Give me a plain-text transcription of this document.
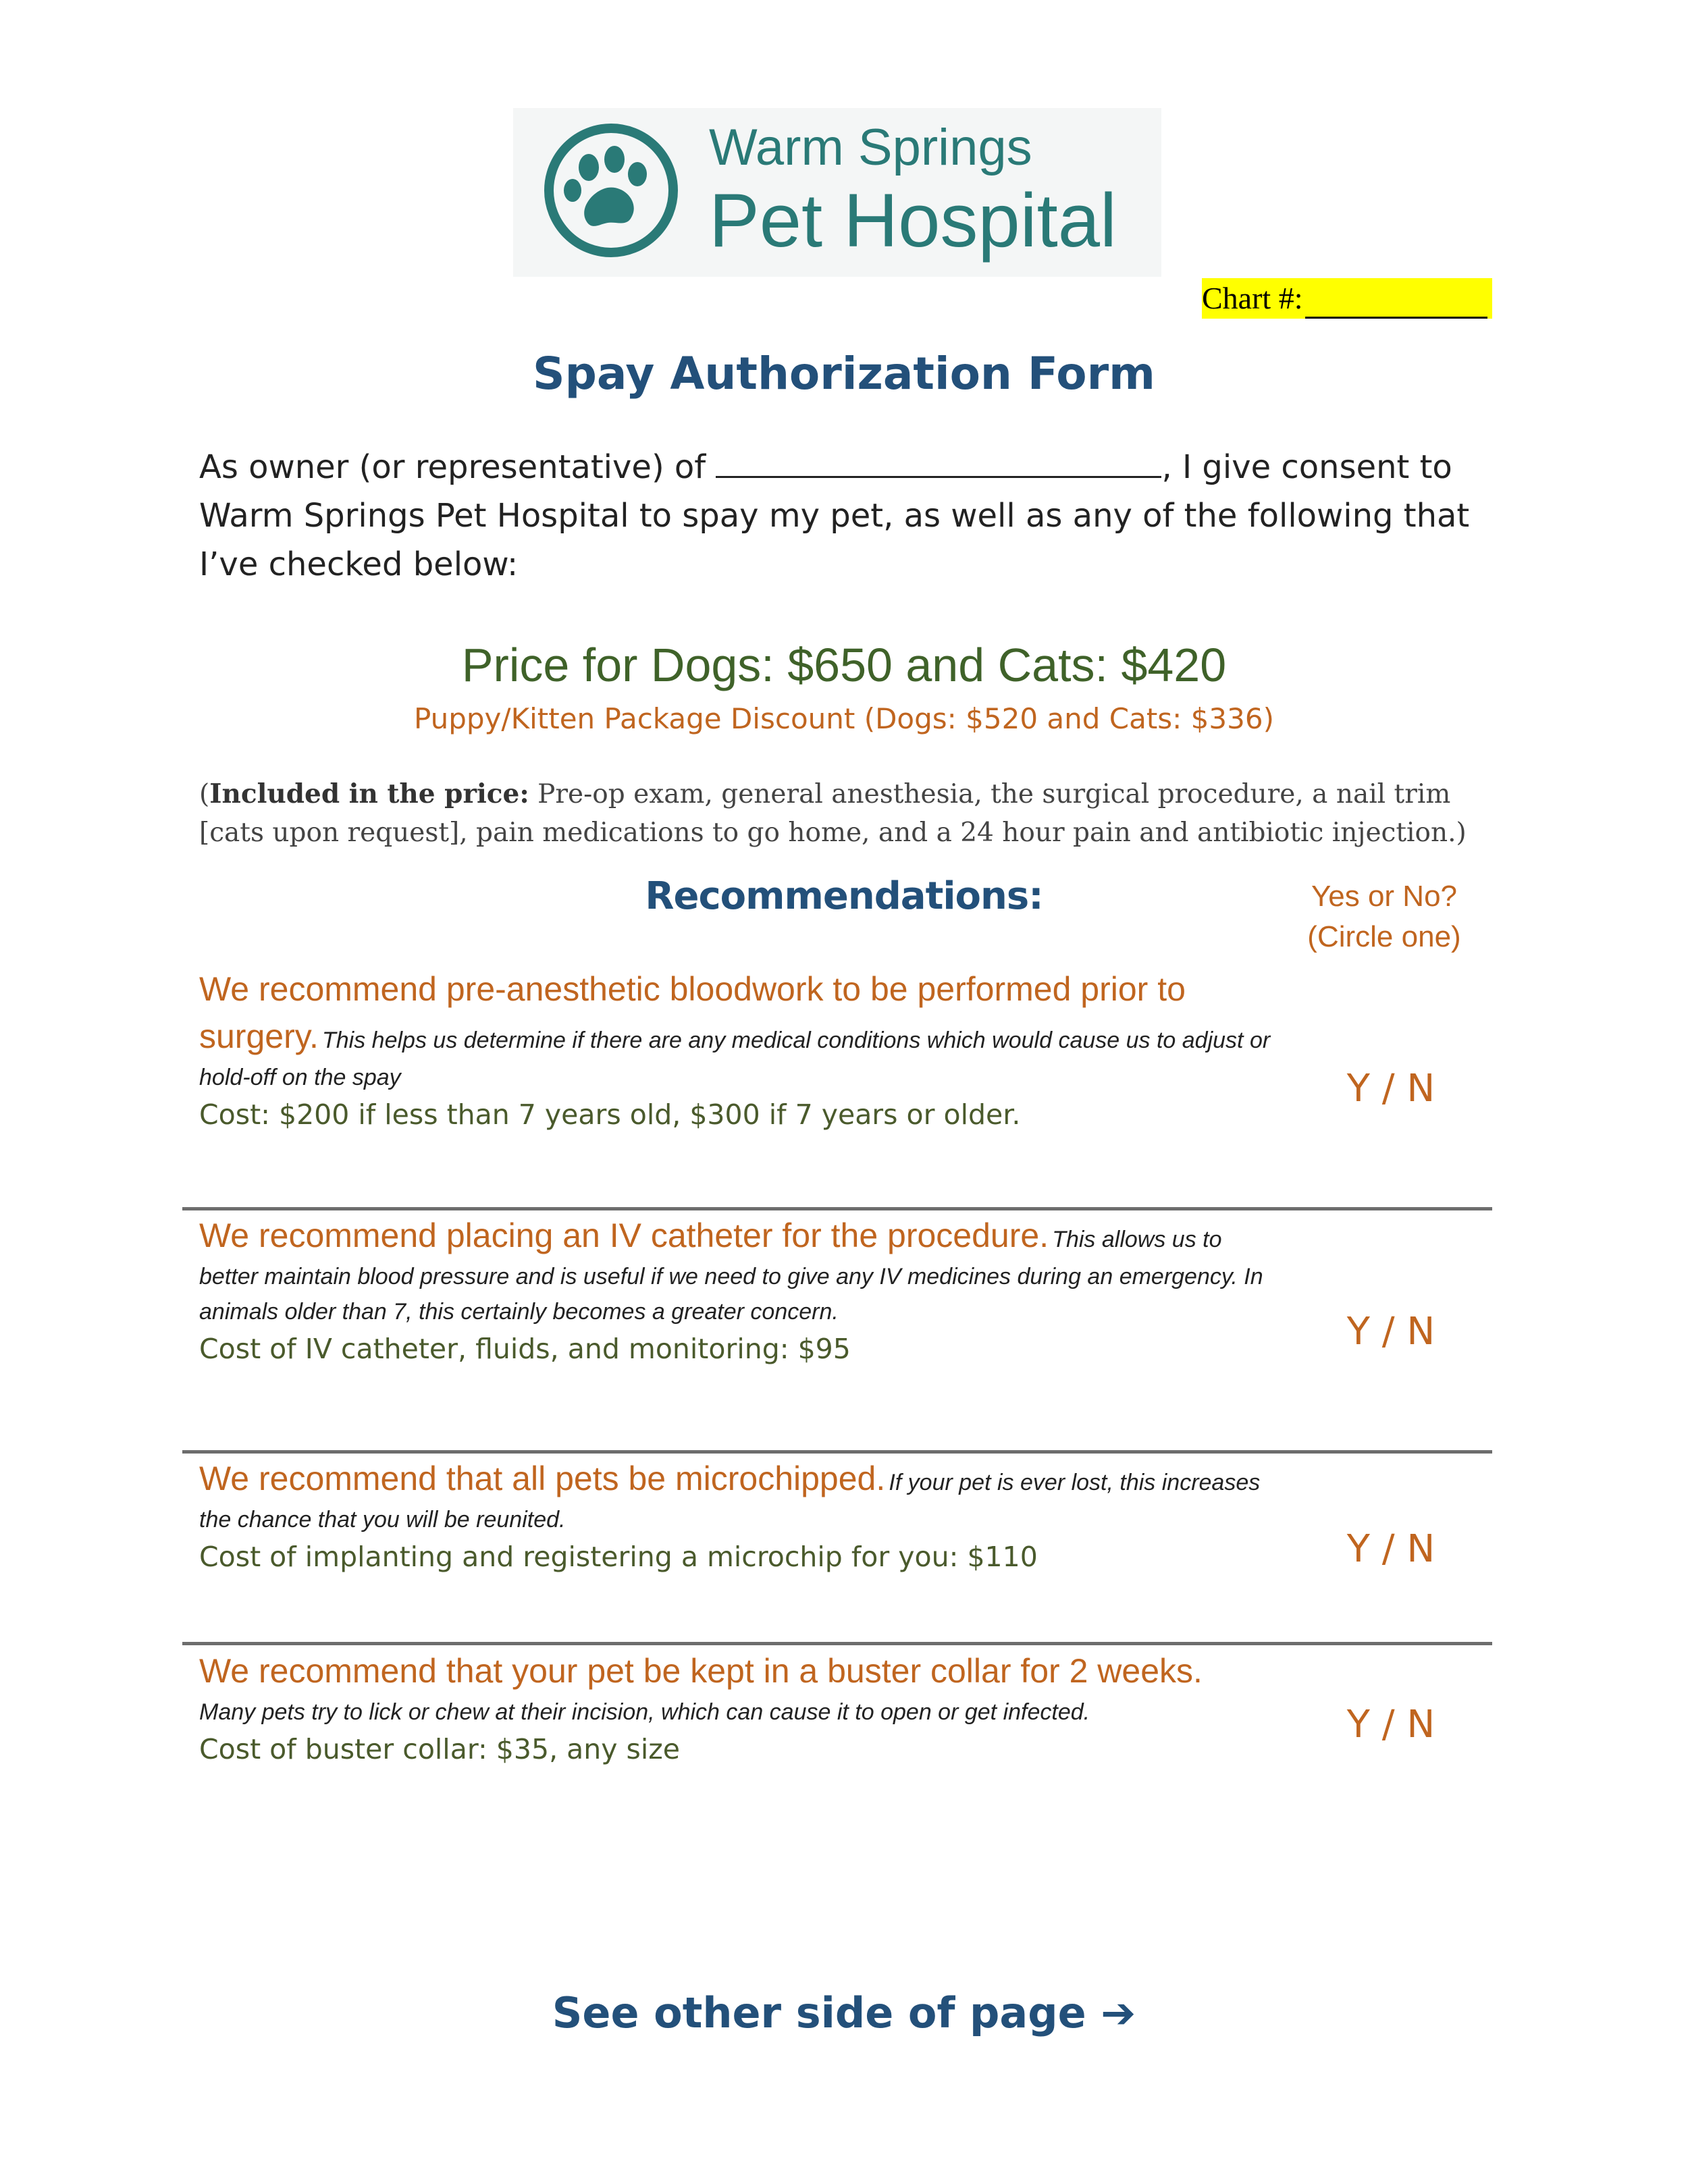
Warm Springs
Pet Hospital
Chart #:
Spay Authorization Form
As owner (or representative) of	, I give consent to Warm Springs Pet Hospital to spay my pet, as well as any of the following that I’ve checked below:
Price for Dogs: $650 and Cats: $420
Puppy/Kitten Package Discount (Dogs: $520 and Cats: $336)
(Included in the price: Pre-op exam, general anesthesia, the surgical procedure, a nail trim [cats upon request], pain medications to go home, and a 24 hour pain and antibiotic injection.)
Recommendations:	Yes or No?
(Circle one)
We recommend pre-anesthetic bloodwork to be performed prior to surgery. This helps us determine if there are any medical conditions which would cause us to adjust or hold-off on the spay
Cost: $200 if less than 7 years old, $300 if 7 years or older.
Y / N
We recommend placing an IV catheter for the procedure. This allows us to better maintain blood pressure and is useful if we need to give any IV medicines during an emergency. In animals older than 7, this certainly becomes a greater concern.
Cost of IV catheter, fluids, and monitoring: $95	Y / N
We recommend that all pets be microchipped. If your pet is ever lost, this increases the chance that you will be reunited.
Cost of implanting and registering a microchip for you: $110	Y / N
We recommend that your pet be kept in a buster collar for 2 weeks.
Many pets try to lick or chew at their incision, which can cause it to open or get infected.
Cost of buster collar: $35, any size
Y / N
See other side of page ➔
